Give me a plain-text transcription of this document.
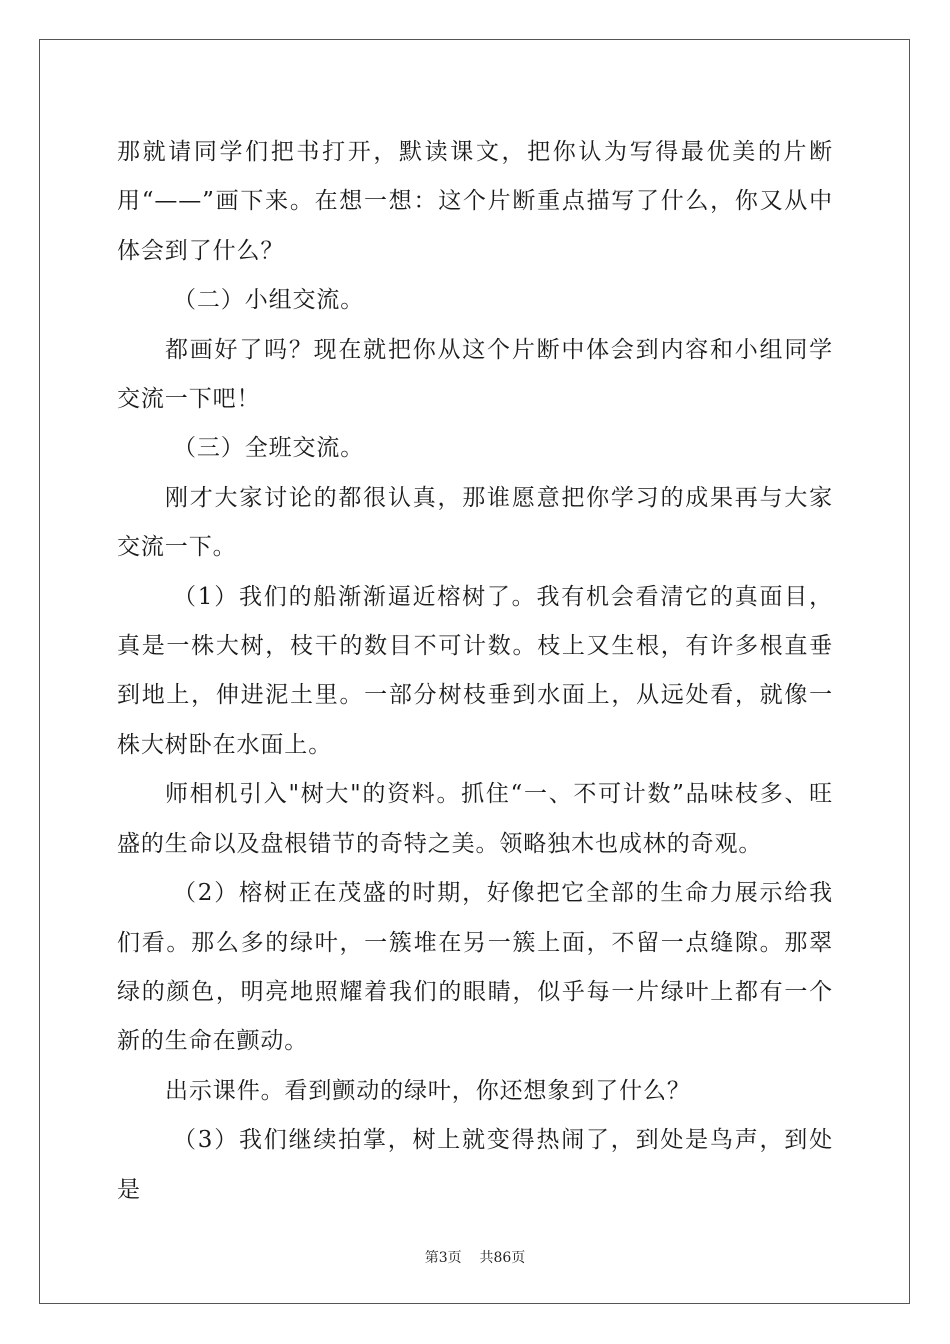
那就请同学们把书打开，默读课文，把你认为写得最优美的片断用“——”画下来。在想一想：这个片断重点描写了什么，你又从中体会到了什么？

（二）小组交流。

都画好了吗？现在就把你从这个片断中体会到内容和小组同学交流一下吧！

（三）全班交流。

刚才大家讨论的都很认真，那谁愿意把你学习的成果再与大家交流一下。

（1）我们的船渐渐逼近榕树了。我有机会看清它的真面目，真是一株大树，枝干的数目不可计数。枝上又生根，有许多根直垂到地上，伸进泥土里。一部分树枝垂到水面上，从远处看，就像一株大树卧在水面上。

师相机引入"树大"的资料。抓住“一、不可计数”品味枝多、旺盛的生命以及盘根错节的奇特之美。领略独木也成林的奇观。

（2）榕树正在茂盛的时期，好像把它全部的生命力展示给我们看。那么多的绿叶，一簇堆在另一簇上面，不留一点缝隙。那翠绿的颜色，明亮地照耀着我们的眼睛，似乎每一片绿叶上都有一个新的生命在颤动。

出示课件。看到颤动的绿叶，你还想象到了什么？

（3）我们继续拍掌，树上就变得热闹了，到处是鸟声，到处是

第3页    共86页
